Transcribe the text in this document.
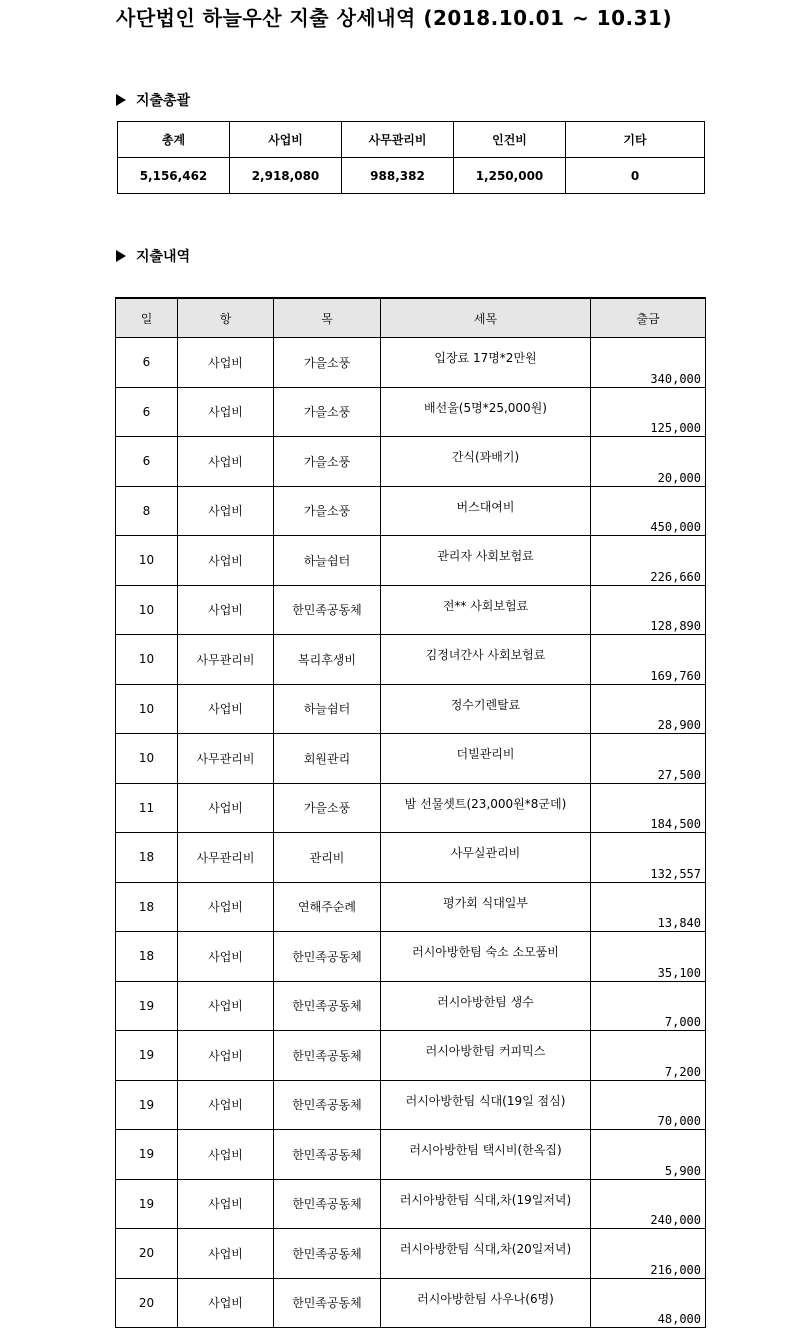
사단법인 하늘우산 지출 상세내역 (2018.10.01 ~ 10.31)
지출총괄
총계	사업비	사무관리비	인건비	기타
5,156,462	2,918,080	988,382	1,250,000	0
지출내역
일	항	목	세목	출금
6	사업비	가을소풍	입장료 17명*2만원	340,000
6	사업비	가을소풍	배선울(5명*25,000원)	125,000
6	사업비	가을소풍	간식(꽈배기)	20,000
8	사업비	가을소풍	버스대여비	450,000
10	사업비	하늘쉼터	관리자 사회보험료	226,660
10	사업비	한민족공동체	전** 사회보험료	128,890
10	사무관리비	복리후생비	김정녀간사 사회보험료	169,760
10	사업비	하늘쉼터	정수기렌탈료	28,900
10	사무관리비	회원관리	더빌관리비	27,500
11	사업비	가을소풍	밤 선물셋트(23,000원*8군데)	184,500
18	사무관리비	관리비	사무실관리비	132,557
18	사업비	연해주순례	평가회 식대일부	13,840
18	사업비	한민족공동체	러시아방한팀 숙소 소모품비	35,100
19	사업비	한민족공동체	러시아방한팀 생수	7,000
19	사업비	한민족공동체	러시아방한팀 커피믹스	7,200
19	사업비	한민족공동체	러시아방한팀 식대(19일 점심)	70,000
19	사업비	한민족공동체	러시아방한팀 택시비(한옥집)	5,900
19	사업비	한민족공동체	러시아방한팀 식대,차(19일저녁)	240,000
20	사업비	한민족공동체	러시아방한팀 식대,차(20일저녁)	216,000
20	사업비	한민족공동체	러시아방한팀 사우나(6명)	48,000
